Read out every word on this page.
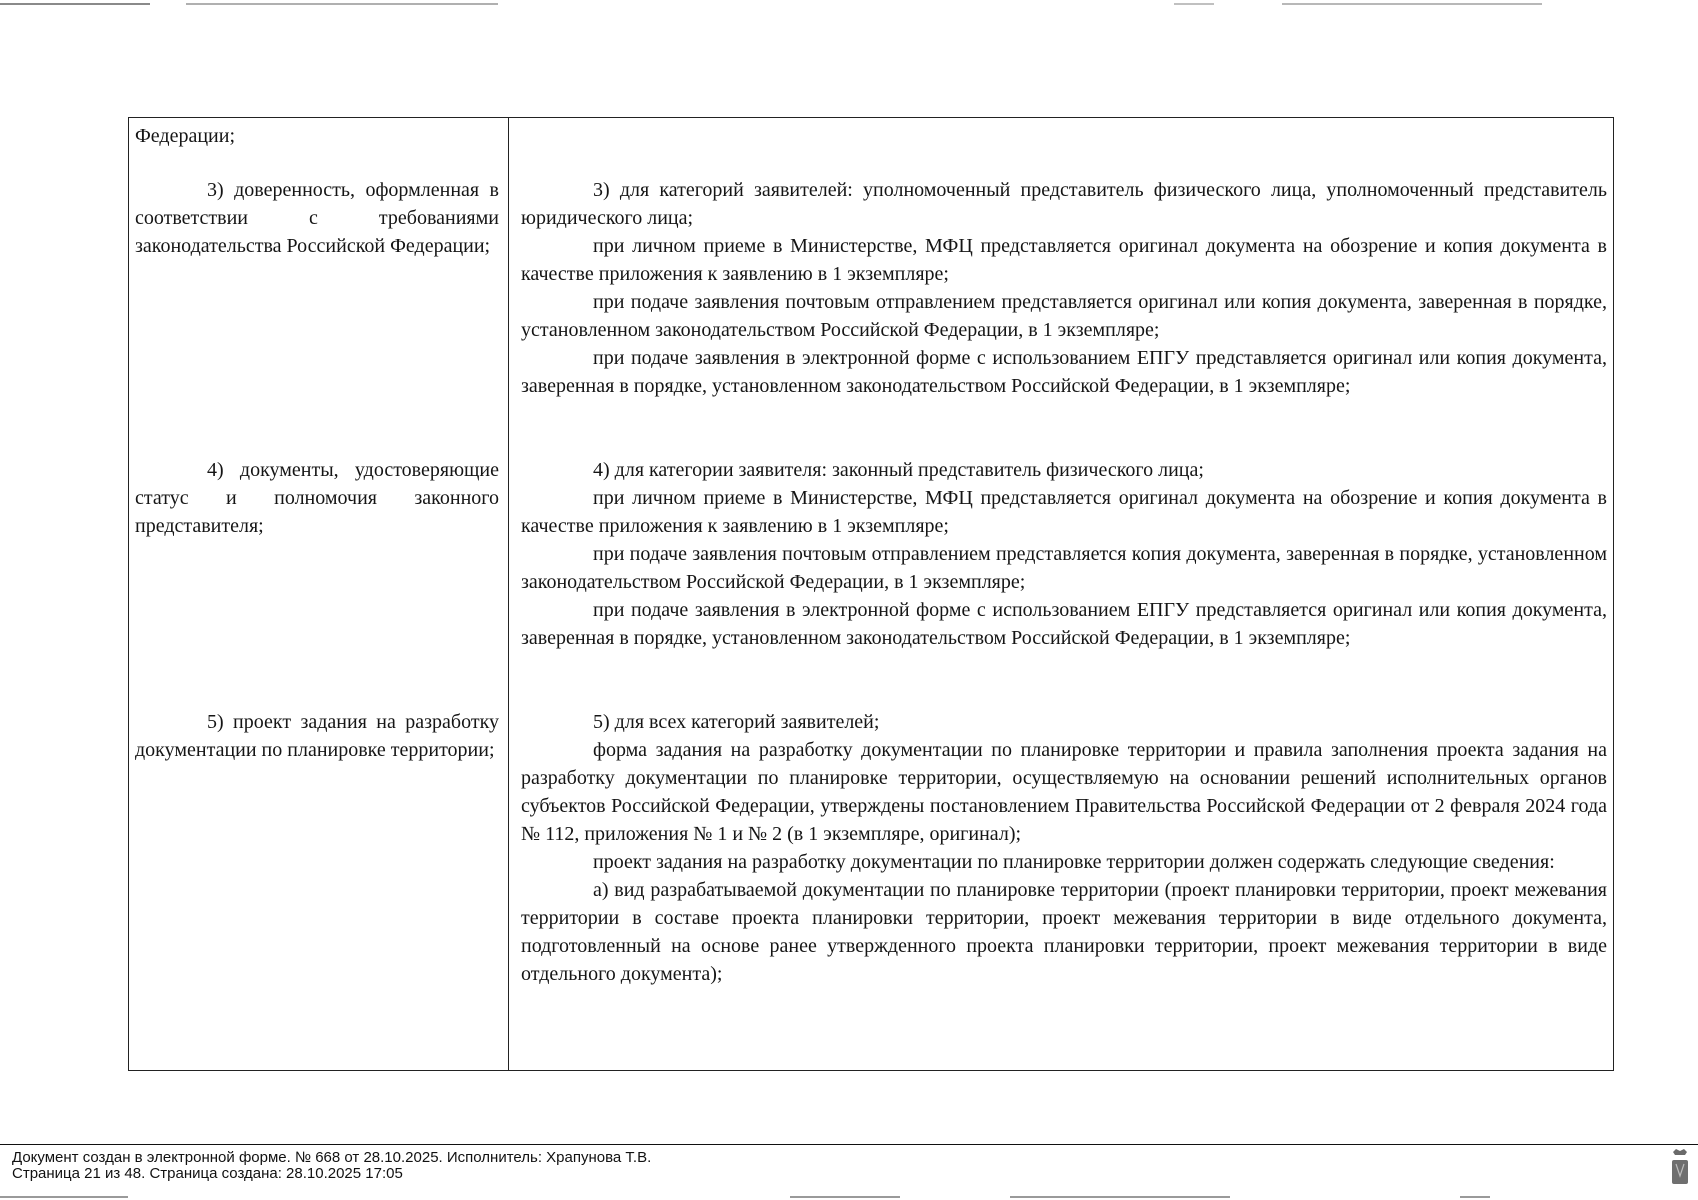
Федерации;

3) доверенность, оформленная в соответствии с требованиями законодательства Российской Федерации;

3) для категорий заявителей: уполномоченный представитель физического лица, уполномоченный представитель юридического лица;

при личном приеме в Министерстве, МФЦ представляется оригинал документа на обозрение и копия документа в качестве приложения к заявлению в 1 экземпляре;

при подаче заявления почтовым отправлением представляется оригинал или копия документа, заверенная в порядке, установленном законодательством Российской Федерации, в 1 экземпляре;

при подаче заявления в электронной форме с использованием ЕПГУ представляется оригинал или копия документа, заверенная в порядке, установленном законодательством Российской Федерации, в 1 экземпляре;

4) документы, удостоверяющие статус и полномочия законного представителя;

4) для категории заявителя: законный представитель физического лица;

при личном приеме в Министерстве, МФЦ представляется оригинал документа на обозрение и копия документа в качестве приложения к заявлению в 1 экземпляре;

при подаче заявления почтовым отправлением представляется копия документа, заверенная в порядке, установленном законодательством Российской Федерации, в 1 экземпляре;

при подаче заявления в электронной форме с использованием ЕПГУ представляется оригинал или копия документа, заверенная в порядке, установленном законодательством Российской Федерации, в 1 экземпляре;

5) проект задания на разработку документации по планировке территории;

5) для всех категорий заявителей;

форма задания на разработку документации по планировке территории и правила заполнения проекта задания на разработку документации по планировке территории, осуществляемую на основании решений исполнительных органов субъектов Российской Федерации, утверждены постановлением Правительства Российской Федерации от 2 февраля 2024 года № 112, приложения № 1 и № 2 (в 1 экземпляре, оригинал);

проект задания на разработку документации по планировке территории должен содержать следующие сведения:

а) вид разрабатываемой документации по планировке территории (проект планировки территории, проект межевания территории в составе проекта планировки территории, проект межевания территории в виде отдельного документа, подготовленный на основе ранее утвержденного проекта планировки территории, проект межевания территории в виде отдельного документа);

Документ создан в электронной форме. № 668 от 28.10.2025. Исполнитель: Храпунова Т.В.
Страница 21 из 48. Страница создана: 28.10.2025 17:05
